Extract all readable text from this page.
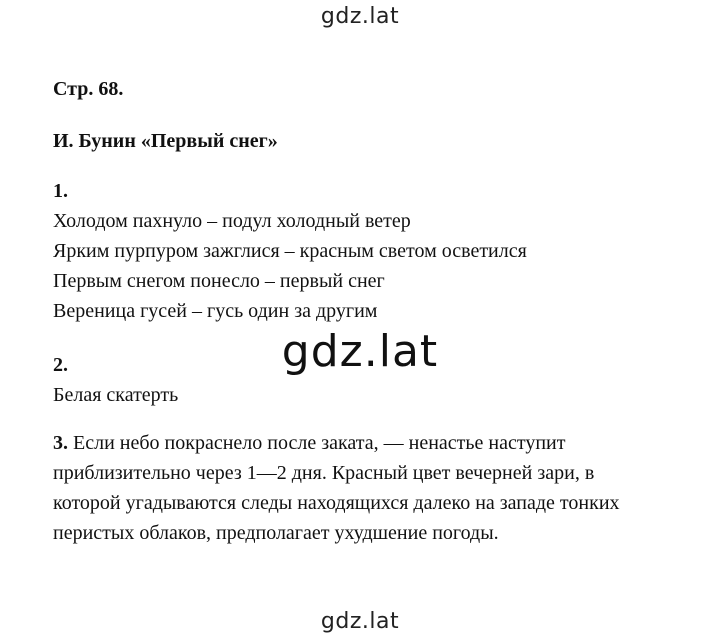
gdz.lat

Стр. 68.

И. Бунин «Первый снег»

1.
Холодом пахнуло – подул холодный ветер
Ярким пурпуром зажглися – красным светом осветился
Первым снегом понесло – первый снег
Вереница гусей – гусь один за другим
2.
Белая скатерть
3. Если небо покраснело после заката, — ненастье наступит
приблизительно через 1—2 дня. Красный цвет вечерней зари, в
которой угадываются следы находящихся далеко на западе тонких
перистых облаков, предполагает ухудшение погоды.
gdz.lat
gdz.lat
